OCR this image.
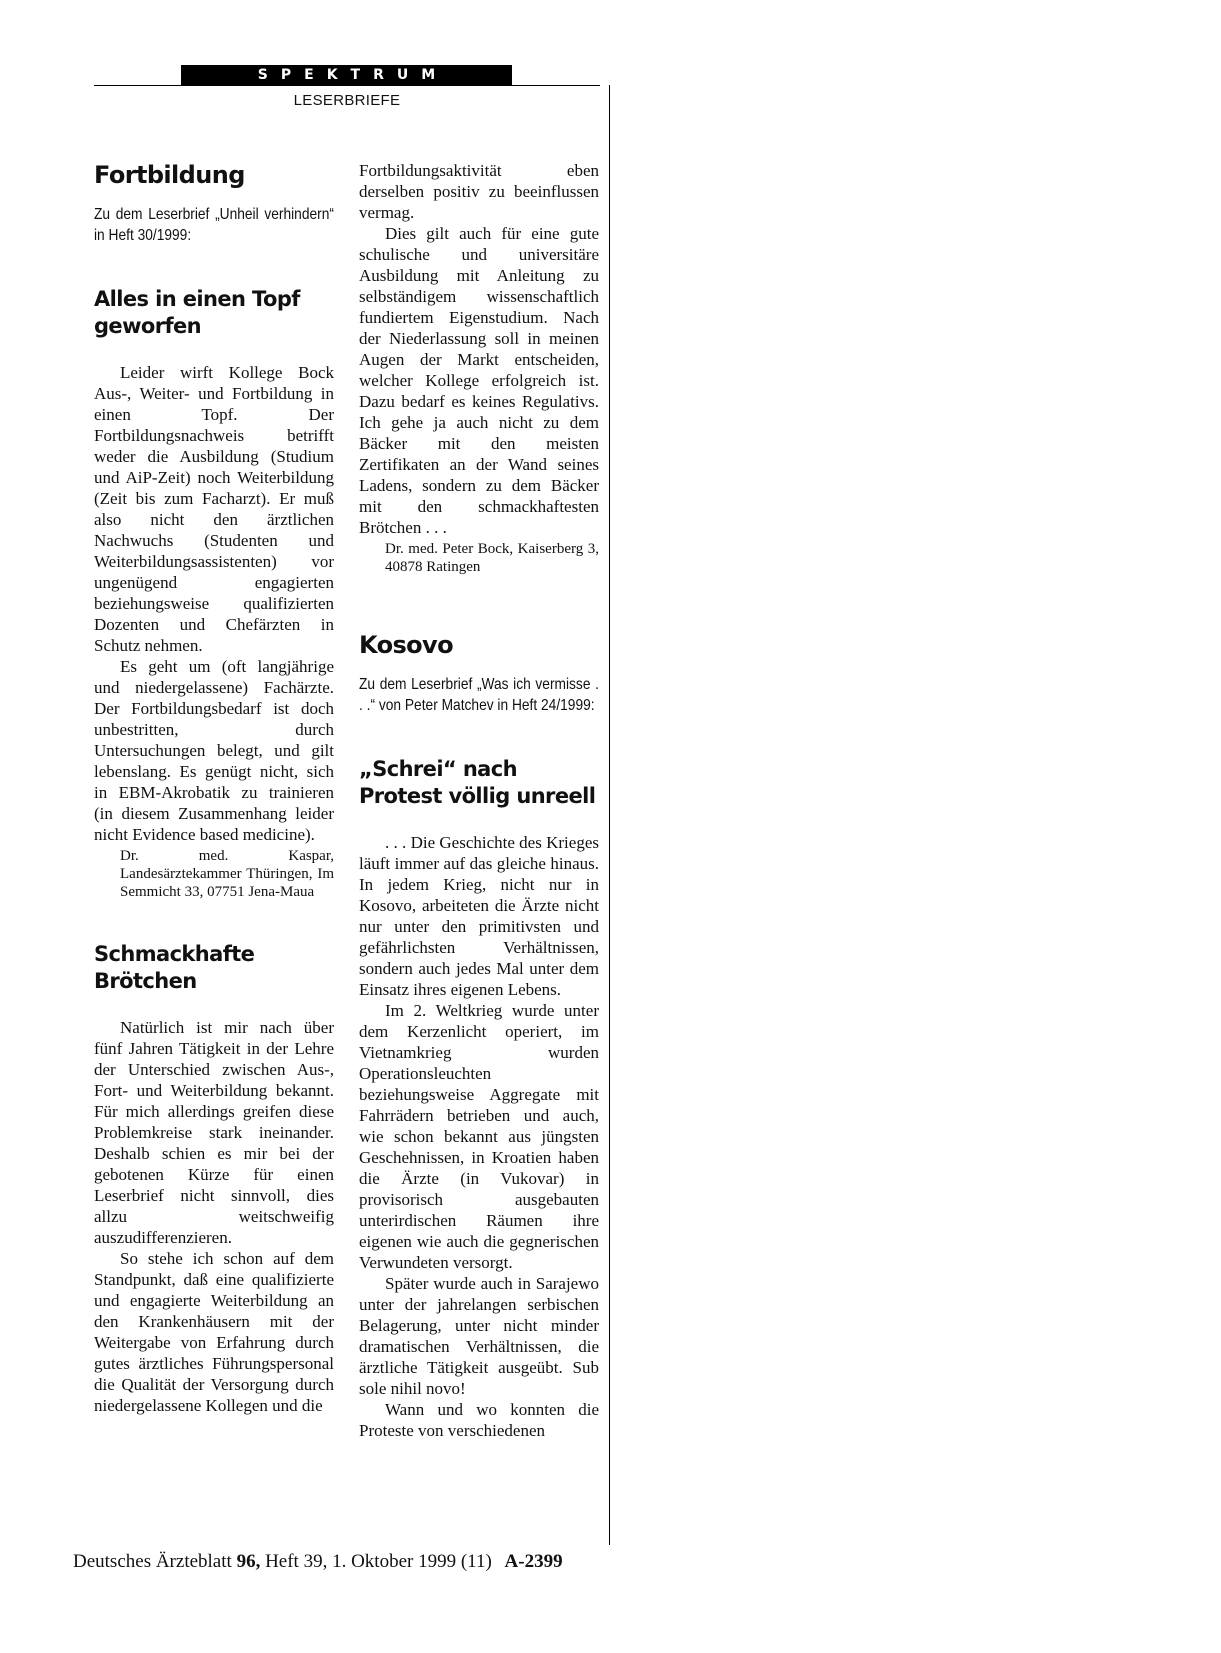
SPEKTRUM
LESERBRIEFE
Fortbildung
Zu dem Leserbrief „Unheil verhindern“ in Heft 30/1999:
Alles in einen Topf geworfen

Leider wirft Kollege Bock Aus-, Weiter- und Fortbildung in einen Topf. Der Fortbildungsnachweis betrifft weder die Ausbildung (Studium und AiP-Zeit) noch Weiterbildung (Zeit bis zum Facharzt). Er muß also nicht den ärztlichen Nachwuchs (Studenten und Weiterbildungsassistenten) vor ungenügend engagierten beziehungsweise qualifizierten Dozenten und Chefärzten in Schutz nehmen.

Es geht um (oft langjährige und niedergelassene) Fachärzte. Der Fortbildungsbedarf ist doch unbestritten, durch Untersuchungen belegt, und gilt lebenslang. Es genügt nicht, sich in EBM-Akrobatik zu trainieren (in diesem Zusammenhang leider nicht Evidence based medicine).

Dr. med. Kaspar, Landesärztekammer Thüringen, Im Semmicht 33, 07751 Jena-Maua

Schmackhafte Brötchen

Natürlich ist mir nach über fünf Jahren Tätigkeit in der Lehre der Unterschied zwischen Aus-, Fort- und Weiterbildung bekannt. Für mich allerdings greifen diese Problemkreise stark ineinander. Deshalb schien es mir bei der gebotenen Kürze für einen Leserbrief nicht sinnvoll, dies allzu weitschweifig auszudifferenzieren.

So stehe ich schon auf dem Standpunkt, daß eine qualifizierte und engagierte Weiterbildung an den Krankenhäusern mit der Weitergabe von Erfahrung durch gutes ärztliches Führungspersonal die Qualität der Versorgung durch niedergelassene Kollegen und die

Fortbildungsaktivität eben derselben positiv zu beeinflussen vermag.

Dies gilt auch für eine gute schulische und universitäre Ausbildung mit Anleitung zu selbständigem wissenschaftlich fundiertem Eigenstudium. Nach der Niederlassung soll in meinen Augen der Markt entscheiden, welcher Kollege erfolgreich ist. Dazu bedarf es keines Regulativs. Ich gehe ja auch nicht zu dem Bäcker mit den meisten Zertifikaten an der Wand seines Ladens, sondern zu dem Bäcker mit den schmackhaftesten Brötchen . . .

Dr. med. Peter Bock, Kaiserberg 3, 40878 Ratingen

Kosovo
Zu dem Leserbrief „Was ich vermisse . . .“ von Peter Matchev in Heft 24/1999:
„Schrei“ nach Protest völlig unreell

. . . Die Geschichte des Krieges läuft immer auf das gleiche hinaus. In jedem Krieg, nicht nur in Kosovo, arbeiteten die Ärzte nicht nur unter den primitivsten und gefährlichsten Verhältnissen, sondern auch jedes Mal unter dem Einsatz ihres eigenen Lebens.

Im 2. Weltkrieg wurde unter dem Kerzenlicht operiert, im Vietnamkrieg wurden Operationsleuchten beziehungsweise Aggregate mit Fahrrädern betrieben und auch, wie schon bekannt aus jüngsten Geschehnissen, in Kroatien haben die Ärzte (in Vukovar) in provisorisch ausgebauten unterirdischen Räumen ihre eigenen wie auch die gegnerischen Verwundeten versorgt.

Später wurde auch in Sarajewo unter der jahrelangen serbischen Belagerung, unter nicht minder dramatischen Verhältnissen, die ärztliche Tätigkeit ausgeübt. Sub sole nihil novo!

Wann und wo konnten die Proteste von verschiedenen

Deutsches Ärzteblatt 96, Heft 39, 1. Oktober 1999 (11) A-2399
